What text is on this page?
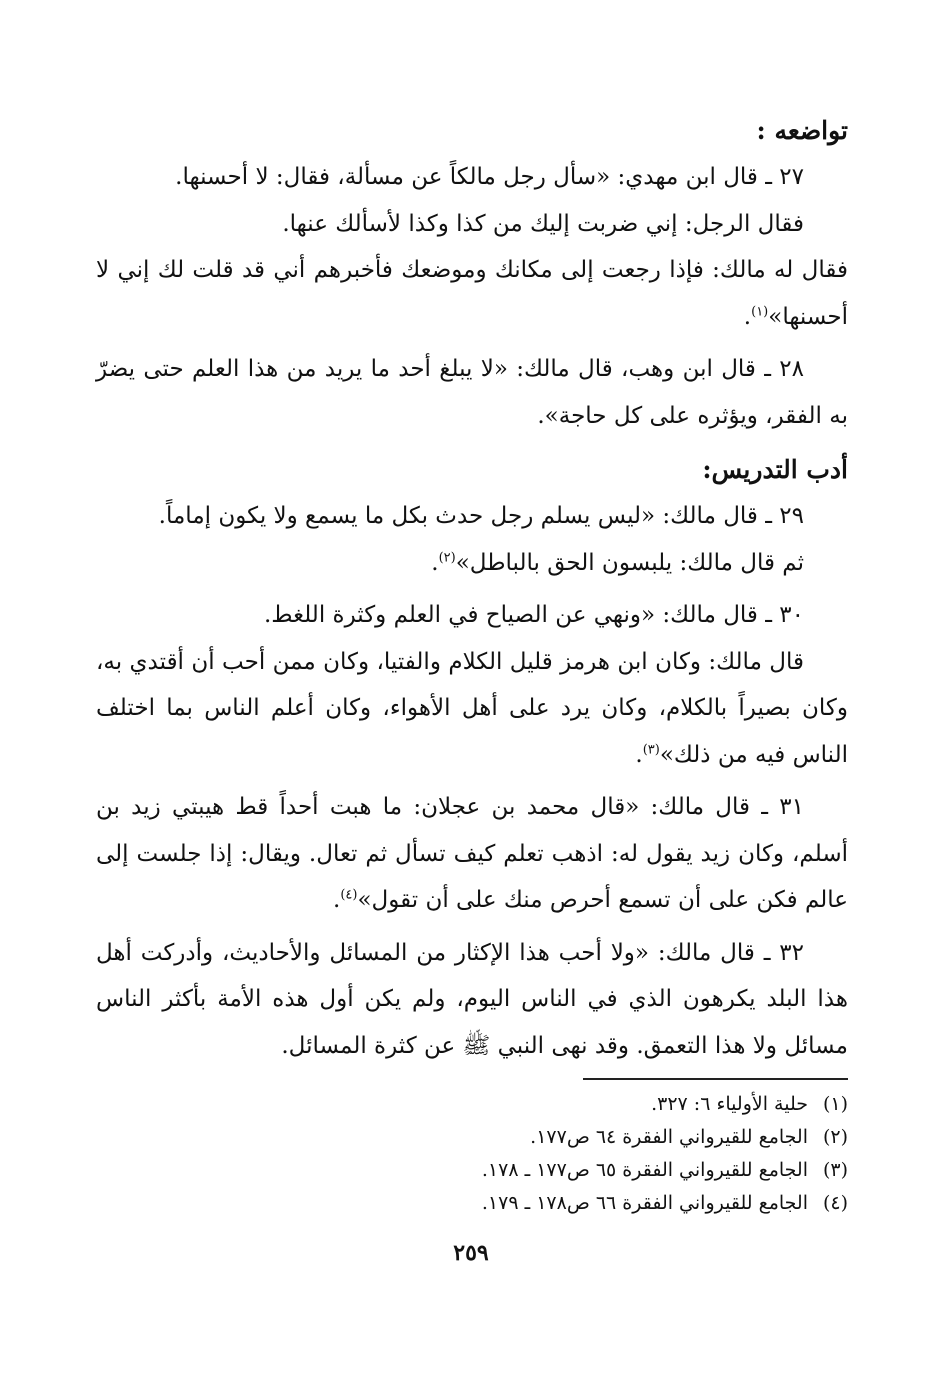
تواضعه :

٢٧ ـ قال ابن مهدي: «سأل رجل مالكاً عن مسألة، فقال: لا أحسنها.

فقال الرجل: إني ضربت إليك من كذا وكذا لأسألك عنها.

فقال له مالك: فإذا رجعت إلى مكانك وموضعك فأخبرهم أني قد قلت لك إني لا أحسنها»$^{(١)}$.

٢٨ ـ قال ابن وهب، قال مالك: «لا يبلغ أحد ما يريد من هذا العلم حتى يضرّ به الفقر، ويؤثره على كل حاجة».

أدب التدريس:

٢٩ ـ قال مالك: «ليس يسلم رجل حدث بكل ما يسمع ولا يكون إماماً.

ثم قال مالك: يلبسون الحق بالباطل»$^{(٢)}$.

٣٠ ـ قال مالك: «ونهي عن الصياح في العلم وكثرة اللغط.

قال مالك: وكان ابن هرمز قليل الكلام والفتيا، وكان ممن أحب أن أقتدي به، وكان بصيراً بالكلام، وكان يرد على أهل الأهواء، وكان أعلم الناس بما اختلف الناس فيه من ذلك»$^{(٣)}$.

٣١ ـ قال مالك: «قال محمد بن عجلان: ما هبت أحداً قط هيبتي زيد بن أسلم، وكان زيد يقول له: اذهب تعلم كيف تسأل ثم تعال. ويقال: إذا جلست إلى عالم فكن على أن تسمع أحرص منك على أن تقول»$^{(٤)}$.

٣٢ ـ قال مالك: «ولا أحب هذا الإكثار من المسائل والأحاديث، وأدركت أهل هذا البلد يكرهون الذي في الناس اليوم، ولم يكن أول هذه الأمة بأكثر الناس مسائل ولا هذا التعمق. وقد نهى النبي ﷺ عن كثرة المسائل.

(١)حلية الأولياء ٦: ٣٢٧.

(٢)الجامع للقيرواني الفقرة ٦٤ ص١٧٧.

(٣)الجامع للقيرواني الفقرة ٦٥ ص١٧٧ ـ ١٧٨.

(٤)الجامع للقيرواني الفقرة ٦٦ ص١٧٨ ـ ١٧٩.

٢٥٩
